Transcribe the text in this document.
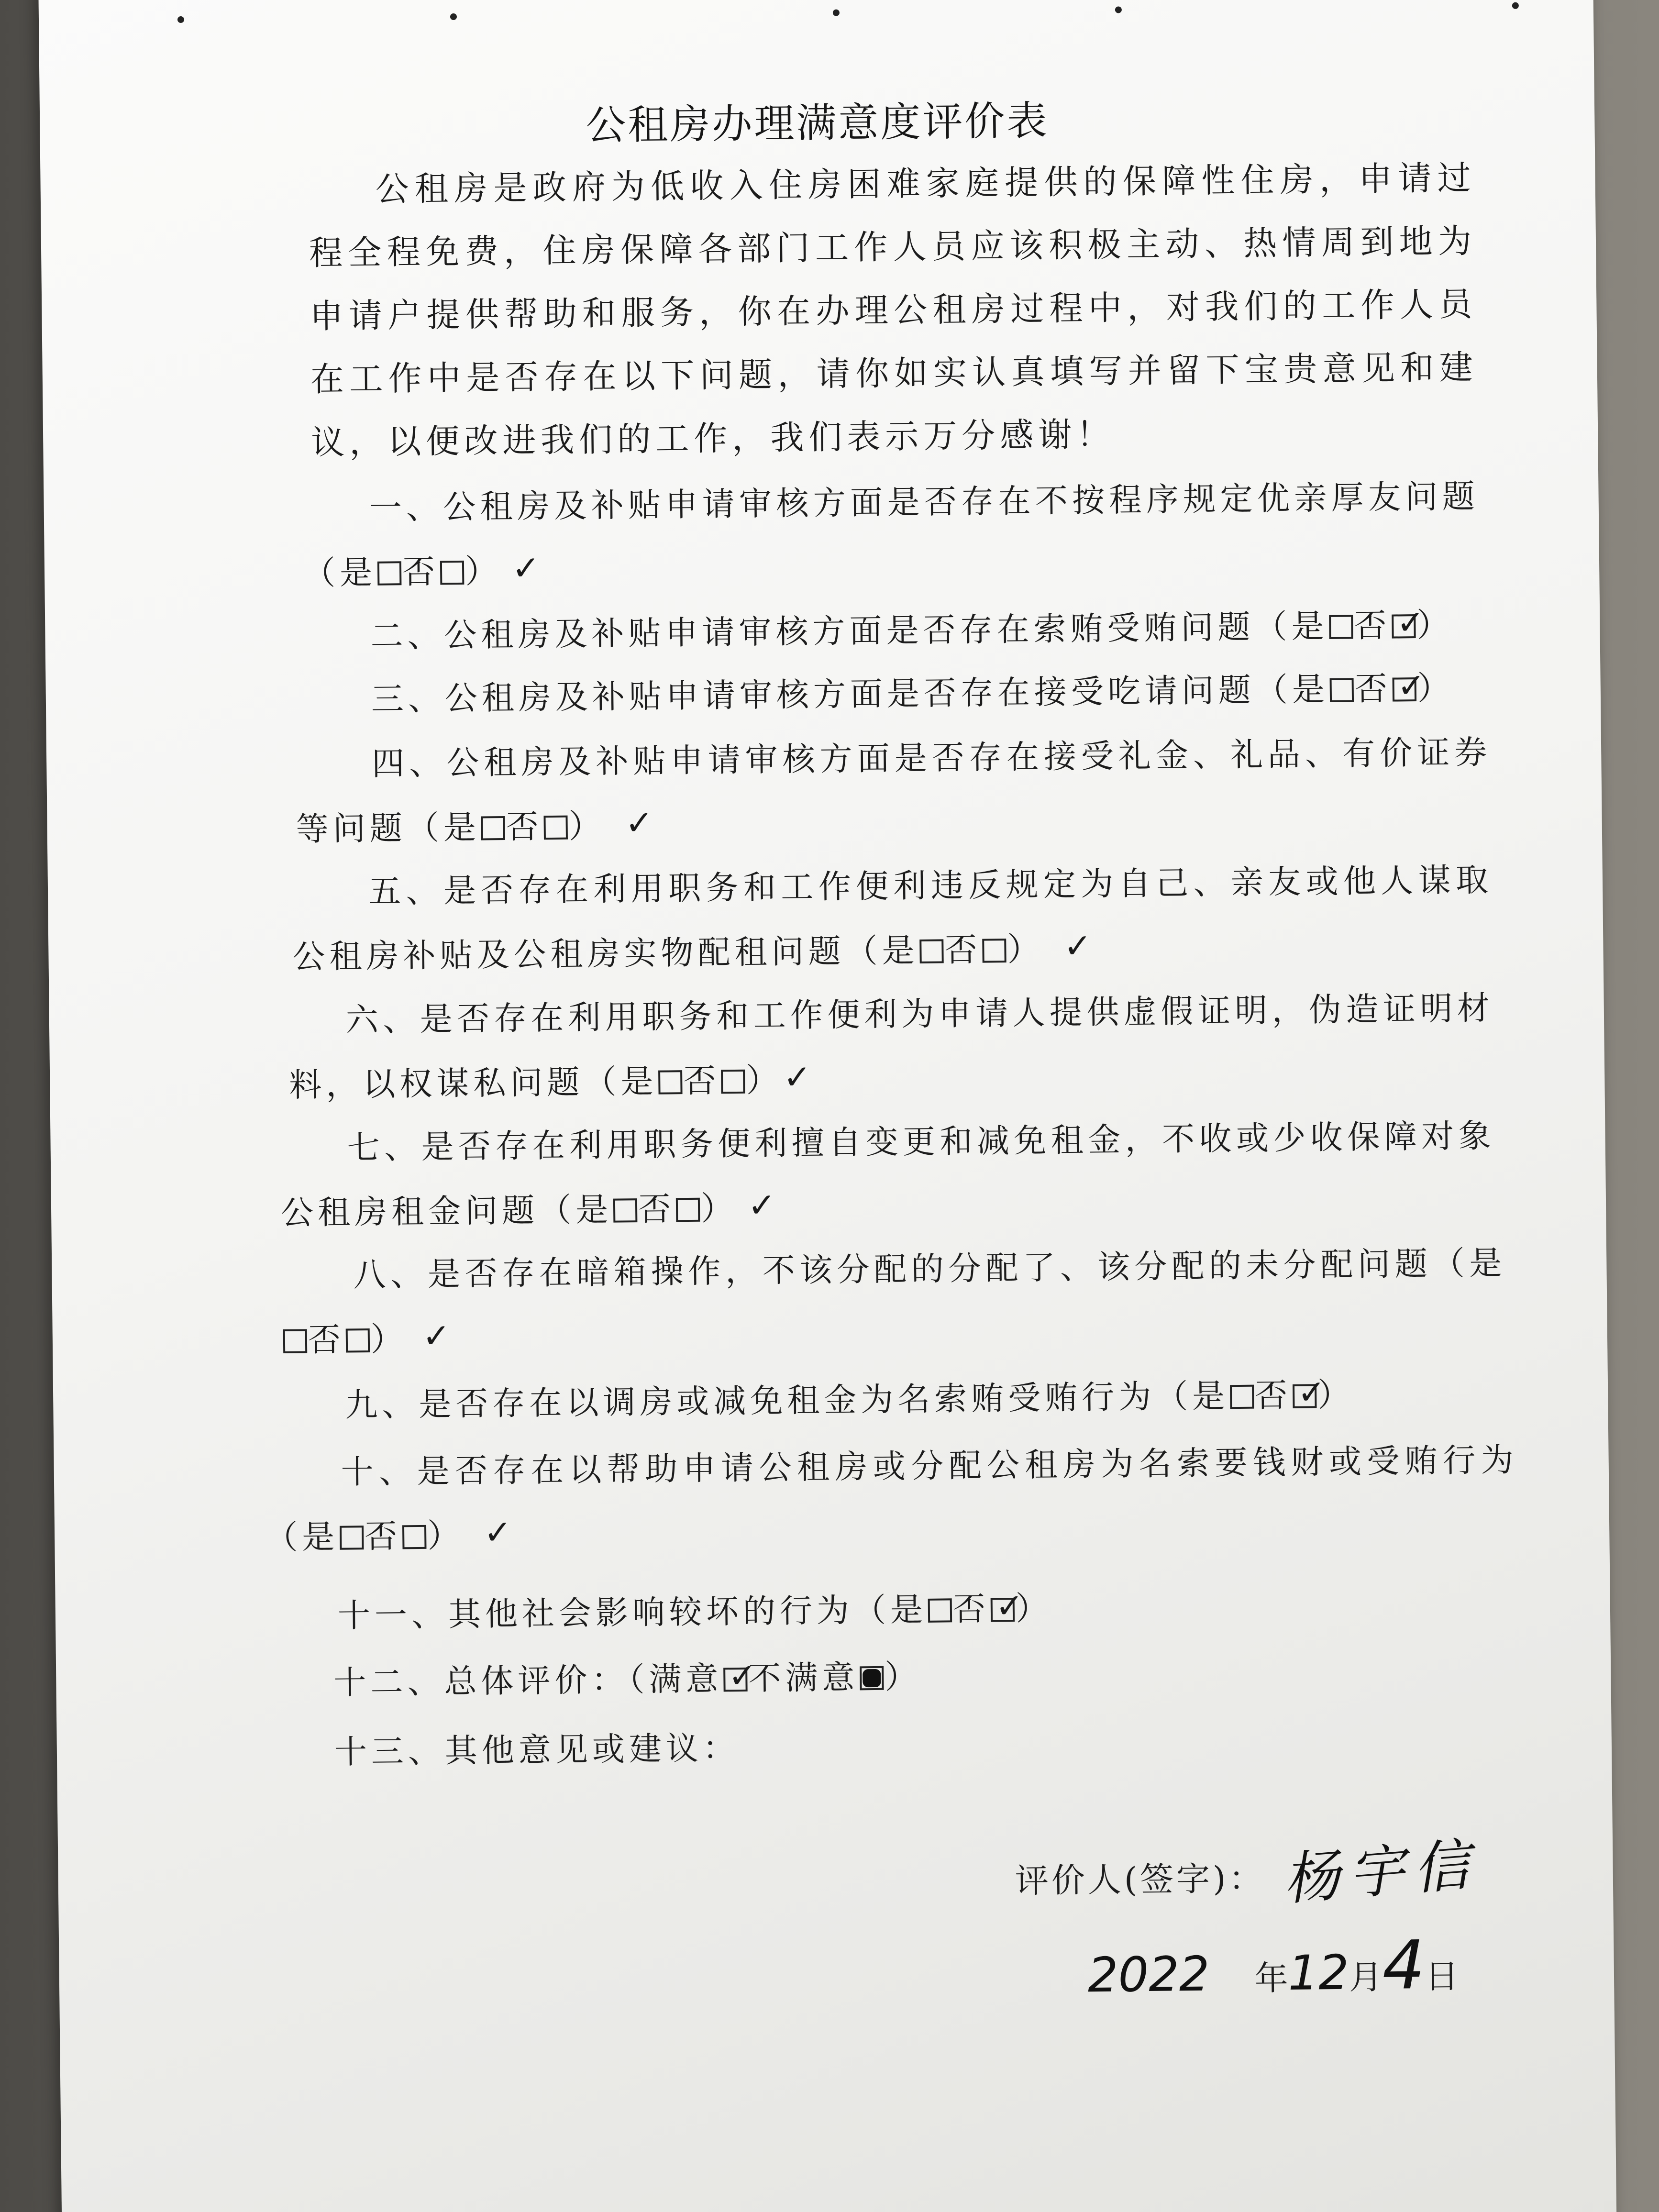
公租房办理满意度评价表
公租房是政府为低收入住房困难家庭提供的保障性住房，申请过程全程免费，住房保障各部门工作人员应该积极主动、热情周到地为申请户提供帮助和服务，你在办理公租房过程中，对我们的工作人员在工作中是否存在以下问题，请你如实认真填写并留下宝贵意见和建议，以便改进我们的工作，我们表示万分感谢！
一、公租房及补贴申请审核方面是否存在不按程序规定优亲厚友问题（是 否	✓
）
二、公租房及补贴申请审核方面是否存在索贿受贿问题（是 否 ✓
）
三、公租房及补贴申请审核方面是否存在接受吃请问题（是 否 ✓
）
四、公租房及补贴申请审核方面是否存在接受礼金、礼品、有价证券等问题（是 否	✓
）
五、是否存在利用职务和工作便利违反规定为自己、亲友或他人谋取公租房补贴及公租房实物配租问题（是 否	✓
）
六、是否存在利用职务和工作便利为申请人提供虚假证明，伪造证明材料，以权谋私问题（是 否	✓
）
七、是否存在利用职务便利擅自变更和减免租金，不收或少收保障对象公租房租金问题（是 否	✓
）
八、是否存在暗箱操作，不该分配的分配了、该分配的未分配问题（是否	✓
）
九、是否存在以调房或减免租金为名索贿受贿行为（是 否 ✓
）
十、是否存在以帮助申请公租房或分配公租房为名索要钱财或受贿行为（是 否	✓
）
十一、其他社会影响较坏的行为（是 否 ✓
）
十二、总体评价：（满意 ✓
不满意 ）
十三、其他意见或建议：
评价人(签字)： 杨宇信
2022 年12月4日
